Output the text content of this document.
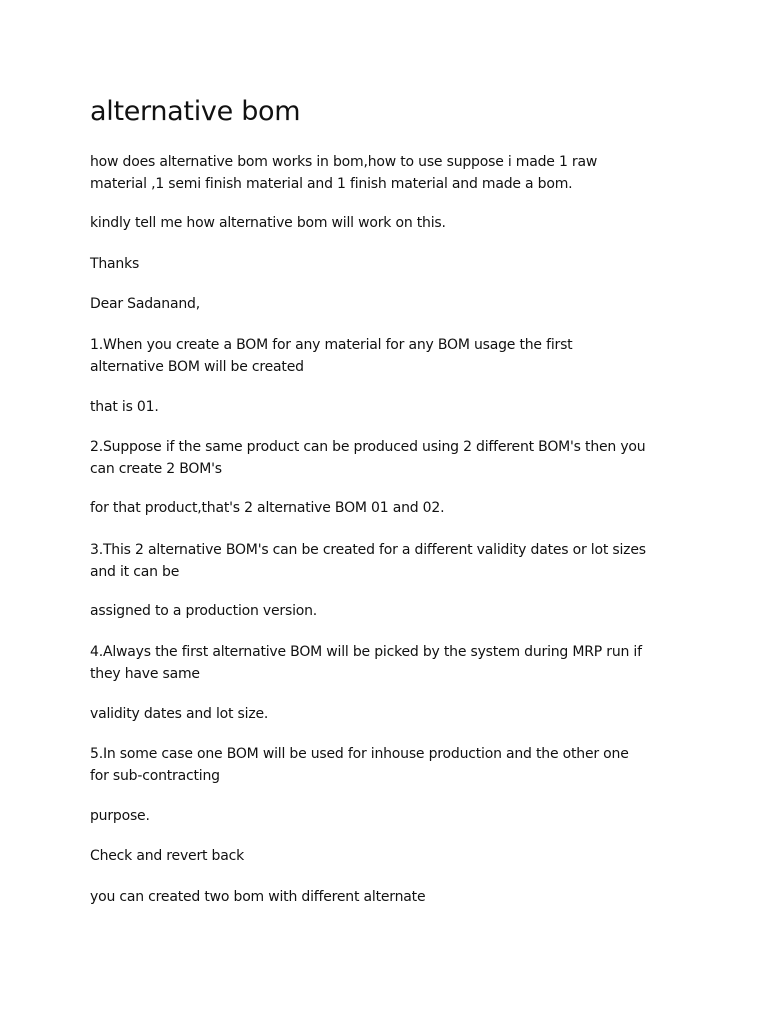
alternative bom

how does alternative bom works in bom,how to use suppose i made 1 raw
material ,1 semi finish material and 1 finish material and made a bom.

kindly tell me how alternative bom will work on this.

Thanks

Dear Sadanand,

1.When you create a BOM for any material for any BOM usage the first
alternative BOM will be created

that is 01.

2.Suppose if the same product can be produced using 2 different BOM's then you
can create 2 BOM's

for that product,that's 2 alternative BOM 01 and 02.

3.This 2 alternative BOM's can be created for a different validity dates or lot sizes
and it can be

assigned to a production version.

4.Always the first alternative BOM will be picked by the system during MRP run if
they have same

validity dates and lot size.

5.In some case one BOM will be used for inhouse production and the other one
for sub-contracting

purpose.

Check and revert back

you can created two bom with different alternate
